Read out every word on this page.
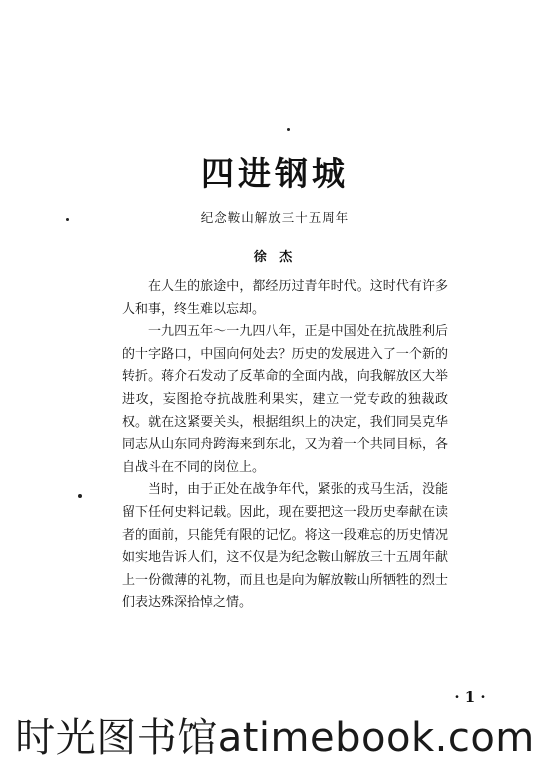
四进钢城
纪念鞍山解放三十五周年
徐 杰

在人生的旅途中，都经历过青年时代。这时代有许多人和事，终生难以忘却。

一九四五年～一九四八年，正是中国处在抗战胜利后的十字路口，中国向何处去？历史的发展进入了一个新的转折。蒋介石发动了反革命的全面内战，向我解放区大举进攻，妄图抢夺抗战胜利果实，建立一党专政的独裁政权。就在这紧要关头，根据组织上的决定，我们同吴克华同志从山东同舟跨海来到东北，又为着一个共同目标，各自战斗在不同的岗位上。

当时，由于正处在战争年代，紧张的戎马生活，没能留下任何史料记载。因此，现在要把这一段历史奉献在读者的面前，只能凭有限的记忆。将这一段难忘的历史情况如实地告诉人们，这不仅是为纪念鞍山解放三十五周年献上一份微薄的礼物，而且也是向为解放鞍山所牺牲的烈士们表达殊深拾悼之情。

· 1 ·
时光图书馆atimebook.com
